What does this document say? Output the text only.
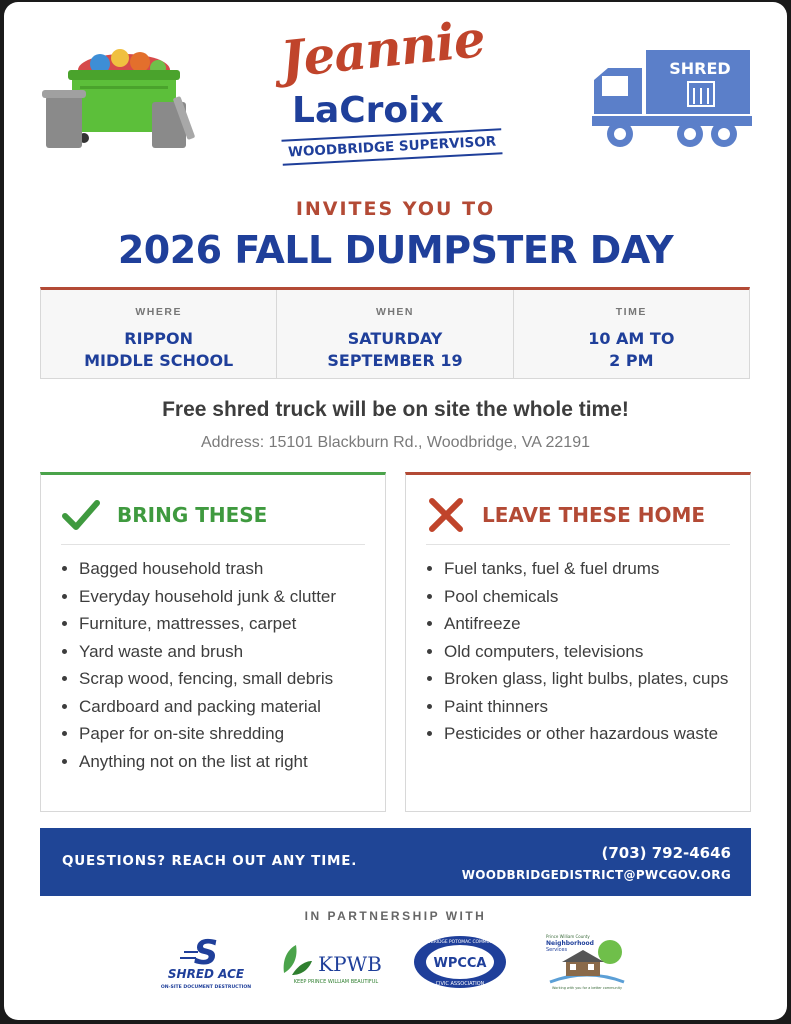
Jeannie
LaCroix
WOODBRIDGE SUPERVISOR
SHRED
INVITES YOU TO
2026 FALL DUMPSTER DAY
WHERE
RIPPON
MIDDLE SCHOOL
WHEN
SATURDAY
SEPTEMBER 19
TIME
10 AM TO
2 PM
Free shred truck will be on site the whole time!
Address: 15101 Blackburn Rd., Woodbridge, VA 22191
BRING THESE
• Bagged household trash
• Everyday household junk & clutter
• Furniture, mattresses, carpet
• Yard waste and brush
• Scrap wood, fencing, small debris
• Cardboard and packing material
• Paper for on-site shredding
• Anything not on the list at right
LEAVE THESE HOME
• Fuel tanks, fuel & fuel drums
• Pool chemicals
• Antifreeze
• Old computers, televisions
• Broken glass, light bulbs, plates, cups
• Paint thinners
• Pesticides or other hazardous waste
QUESTIONS? REACH OUT ANY TIME.	(703) 792-4646
WOODBRIDGEDISTRICT@PWCGOV.ORG
IN PARTNERSHIP WITH
S
SHRED ACE
ON-SITE DOCUMENT DESTRUCTION
KPWB
KEEP PRINCE WILLIAM BEAUTIFUL
WOODBRIDGE POTOMAC COMMUNITIES
WPCCA
CIVIC ASSOCIATION
Prince William County
Neighborhood
Services
Working with you for a better community
